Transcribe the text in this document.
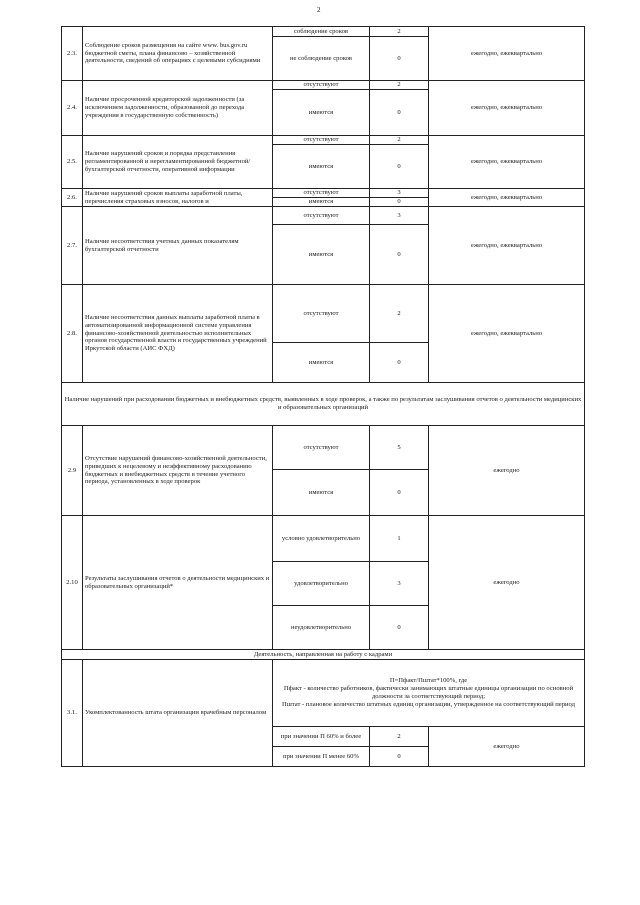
2
2.3.	Соблюдение сроков размещения на сайте www. bus.gov.ru бюджетной сметы, плана финансово – хозяйственной деятельности, сведений об операциях с целевыми субсидиями	соблюдение сроков	2	ежегодно, ежеквартально
		не соблюдение сроков	0	
2.4.	Наличие просроченной кредиторской задолженности (за исключением задолженности, образованной до перехода учреждения в государственную собственность)	отсутствуют	2	ежегодно, ежеквартально
		имеются	0	
2.5.	Наличие нарушений сроков и порядка представления регламентированной и нерегламентированной бюджетной/бухгалтерской отчетности, оперативной информации	отсутствуют	2	ежегодно, ежеквартально
		имеются	0	
2.6.	Наличие нарушений сроков выплаты заработной платы, перечисления страховых взносов, налогов и	отсутствуют	3	ежегодно, ежеквартально
		имеются	0	
2.7.	Наличие несоответствия учетных данных показателям бухгалтерской отчетности	отсутствуют	3	ежегодно, ежеквартально
		имеются	0	
2.8.	Наличие несоответствия данных выплаты заработной платы в автоматизированной информационной системе управления финансово-хозяйственной деятельностью исполнительных органов государственной власти и государственных учреждений Иркутской области (АИС ФХД)	отсутствуют	2	ежегодно, ежеквартально
		имеются	0	
Наличие нарушений при расходовании бюджетных и внебюджетных средств, выявленных в ходе проверок, а также по результатам заслушивания отчетов о деятельности медицинских и образовательных организаций				
2.9	Отсутствие нарушений финансово-хозяйственной деятельности, приведших к нецелевому и неэффективному расходованию бюджетных и внебюджетных средств в течение учетного периода, установленных в ходе проверок	отсутствуют	5	ежегодно
		имеются	0	
2.10	Результаты заслушивания отчетов о деятельности медицинских и образовательных организаций*	условно удовлетворительно	1	ежегодно
		удовлетворительно	3	
		неудовлетворительно	0	
Деятельность, направленная на работу с кадрами				
3.1.	Укомплектованность штата организации врачебным персоналом	П=Пфакт/Пштат*100%, где
Пфакт - количество работников, фактически занимающих штатные единицы организации по основной должности за соответствующий период;
Пштат - плановое количество штатных единиц организации, утвержденное на соответствующий период		

		при значении П 60% и более	2	ежегодно
		при значении П менее 60%	0	
